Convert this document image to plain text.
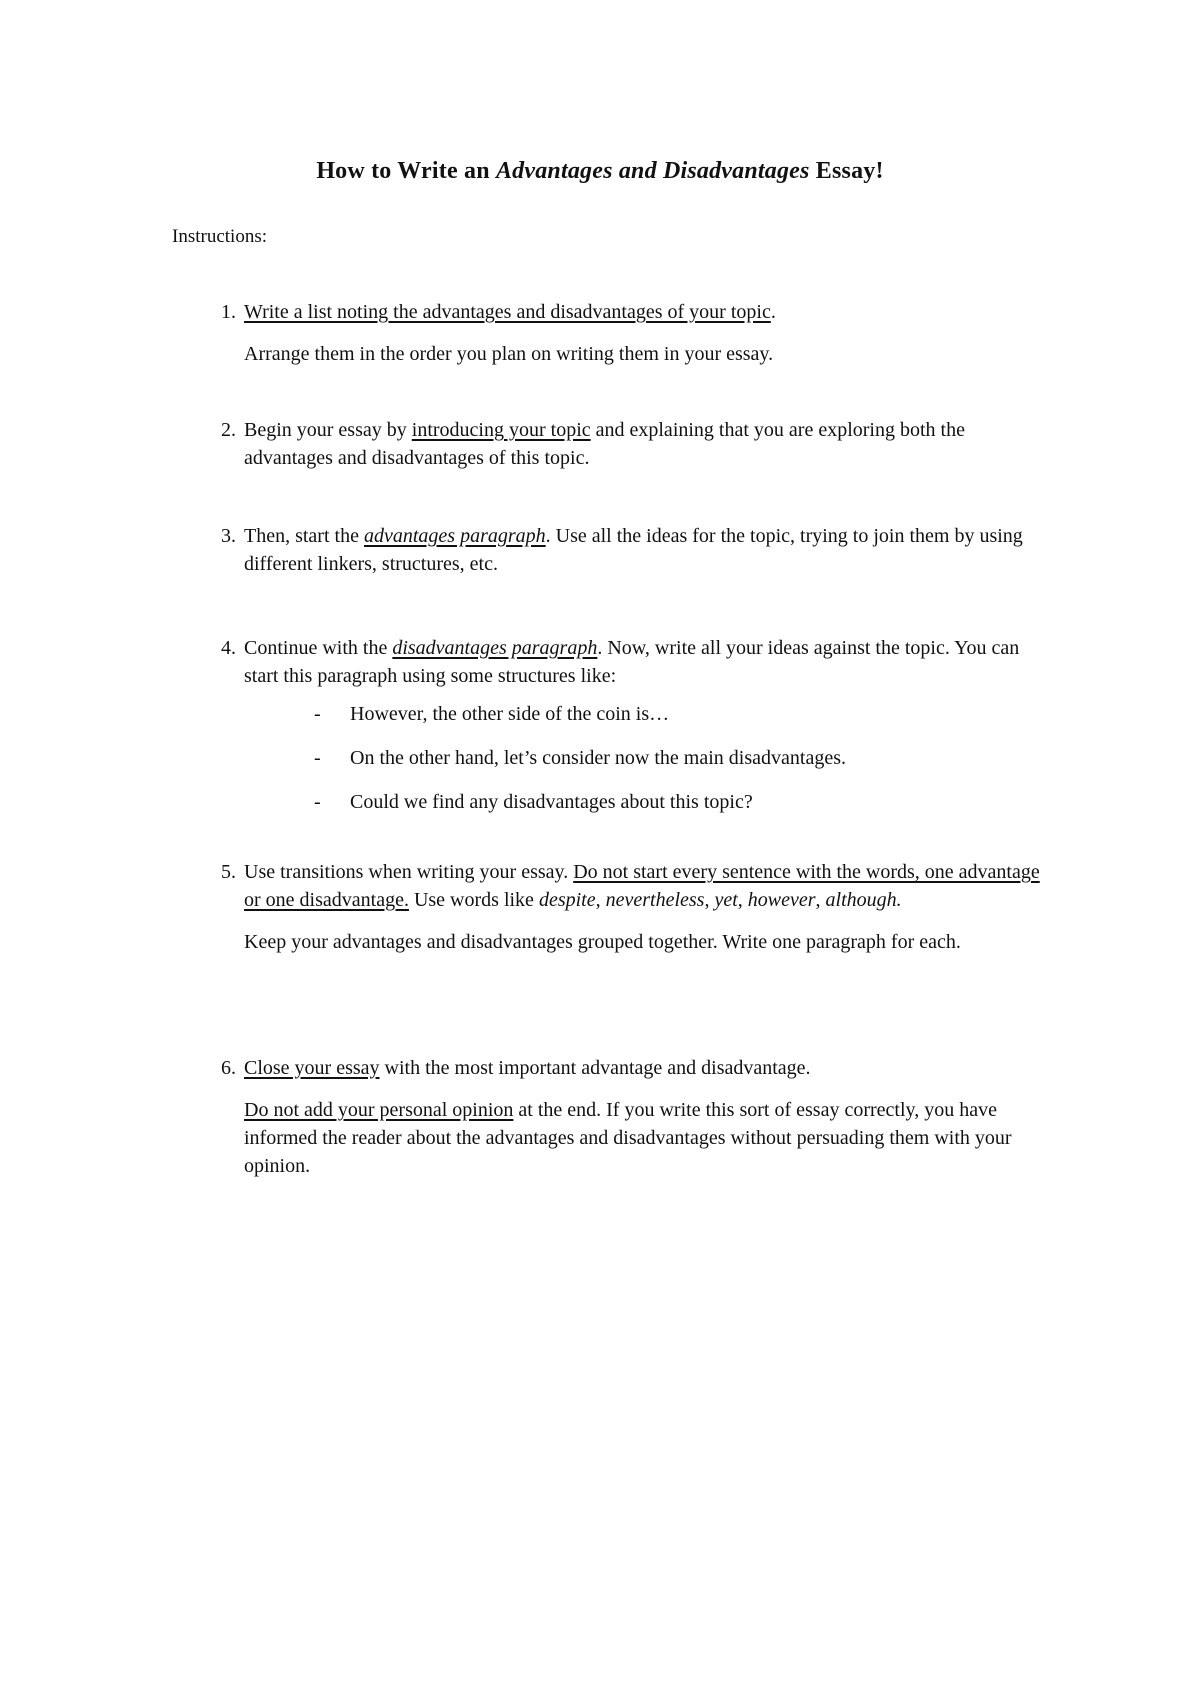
How to Write an Advantages and Disadvantages Essay!
Instructions:
1. Write a list noting the advantages and disadvantages of your topic.

Arrange them in the order you plan on writing them in your essay.

2. Begin your essay by introducing your topic and explaining that you are exploring both the advantages and disadvantages of this topic.

3. Then, start the advantages paragraph. Use all the ideas for the topic, trying to join them by using different linkers, structures, etc.

4. Continue with the disadvantages paragraph. Now, write all your ideas against the topic. You can start this paragraph using some structures like:

- However, the other side of the coin is…
- On the other hand, let’s consider now the main disadvantages.
- Could we find any disadvantages about this topic?
5. Use transitions when writing your essay. Do not start every sentence with the words, one advantage or one disadvantage. Use words like despite, nevertheless, yet, however, although.

Keep your advantages and disadvantages grouped together. Write one paragraph for each.

6. Close your essay with the most important advantage and disadvantage.

Do not add your personal opinion at the end. If you write this sort of essay correctly, you have informed the reader about the advantages and disadvantages without persuading them with your opinion.
